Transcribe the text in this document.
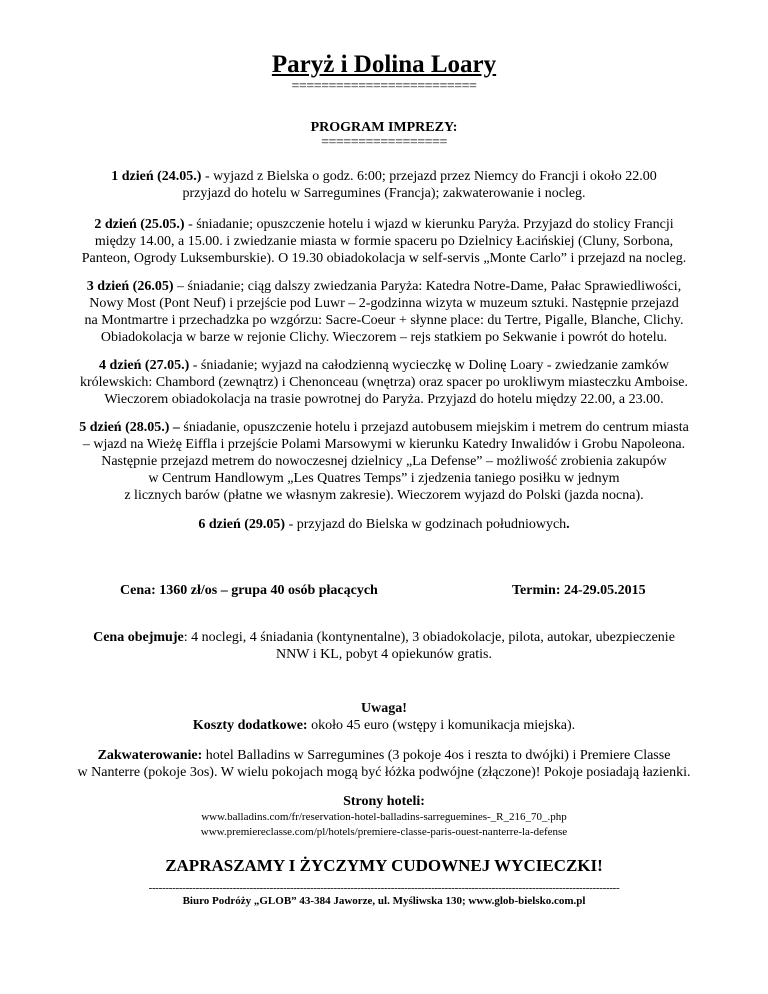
Paryż i Dolina Loary
=========================
PROGRAM IMPREZY:
=================

1 dzień (24.05.) - wyjazd z Bielska o godz. 6:00; przejazd przez Niemcy do Francji i około 22.00
przyjazd do hotelu w Sarregumines (Francja); zakwaterowanie i nocleg.

2 dzień (25.05.) - śniadanie; opuszczenie hotelu i wjazd w kierunku Paryża. Przyjazd do stolicy Francji
między 14.00, a 15.00. i zwiedzanie miasta w formie spaceru po Dzielnicy Łacińskiej (Cluny, Sorbona,
Panteon, Ogrody Luksemburskie). O 19.30 obiadokolacja w self-servis „Monte Carlo” i przejazd na nocleg.

3 dzień (26.05) – śniadanie; ciąg dalszy zwiedzania Paryża: Katedra Notre-Dame, Pałac Sprawiedliwości,
Nowy Most (Pont Neuf) i przejście pod Luwr – 2-godzinna wizyta w muzeum sztuki. Następnie przejazd
na Montmartre i przechadzka po wzgórzu: Sacre-Coeur + słynne place: du Tertre, Pigalle, Blanche, Clichy.
Obiadokolacja w barze w rejonie Clichy. Wieczorem – rejs statkiem po Sekwanie i powrót do hotelu.

4 dzień (27.05.) - śniadanie; wyjazd na całodzienną wycieczkę w Dolinę Loary - zwiedzanie zamków
królewskich: Chambord (zewnątrz) i Chenonceau (wnętrza) oraz spacer po urokliwym miasteczku Amboise.
Wieczorem obiadokolacja na trasie powrotnej do Paryża. Przyjazd do hotelu między 22.00, a 23.00.

5 dzień (28.05.) – śniadanie, opuszczenie hotelu i przejazd autobusem miejskim i metrem do centrum miasta
– wjazd na Wieżę Eiffla i przejście Polami Marsowymi w kierunku Katedry Inwalidów i Grobu Napoleona.
Następnie przejazd metrem do nowoczesnej dzielnicy „La Defense” – możliwość zrobienia zakupów
w Centrum Handlowym „Les Quatres Temps” i zjedzenia taniego posiłku w jednym
z licznych barów (płatne we własnym zakresie). Wieczorem wyjazd do Polski (jazda nocna).

6 dzień (29.05) - przyjazd do Bielska w godzinach południowych.

Cena: 1360 zł/os – grupa 40 osób płacących	Termin: 24-29.05.2015

Cena obejmuje: 4 noclegi, 4 śniadania (kontynentalne), 3 obiadokolacje, pilota, autokar, ubezpieczenie
NNW i KL, pobyt 4 opiekunów gratis.

Uwaga!
Koszty dodatkowe: około 45 euro (wstępy i komunikacja miejska).

Zakwaterowanie: hotel Balladins w Sarregumines (3 pokoje 4os i reszta to dwójki) i Premiere Classe
w Nanterre (pokoje 3os). W wielu pokojach mogą być łóżka podwójne (złączone)! Pokoje posiadają łazienki.

Strony hoteli:
www.balladins.com/fr/reservation-hotel-balladins-sarreguemines-_R_216_70_.php
www.premiereclasse.com/pl/hotels/premiere-classe-paris-ouest-nanterre-la-defense
ZAPRASZAMY I ŻYCZYMY CUDOWNEJ WYCIECZKI!
--------------------------------------------------------------------------------------------------------------------------------------------
Biuro Podróży „GLOB” 43-384 Jaworze, ul. Myśliwska 130; www.glob-bielsko.com.pl
